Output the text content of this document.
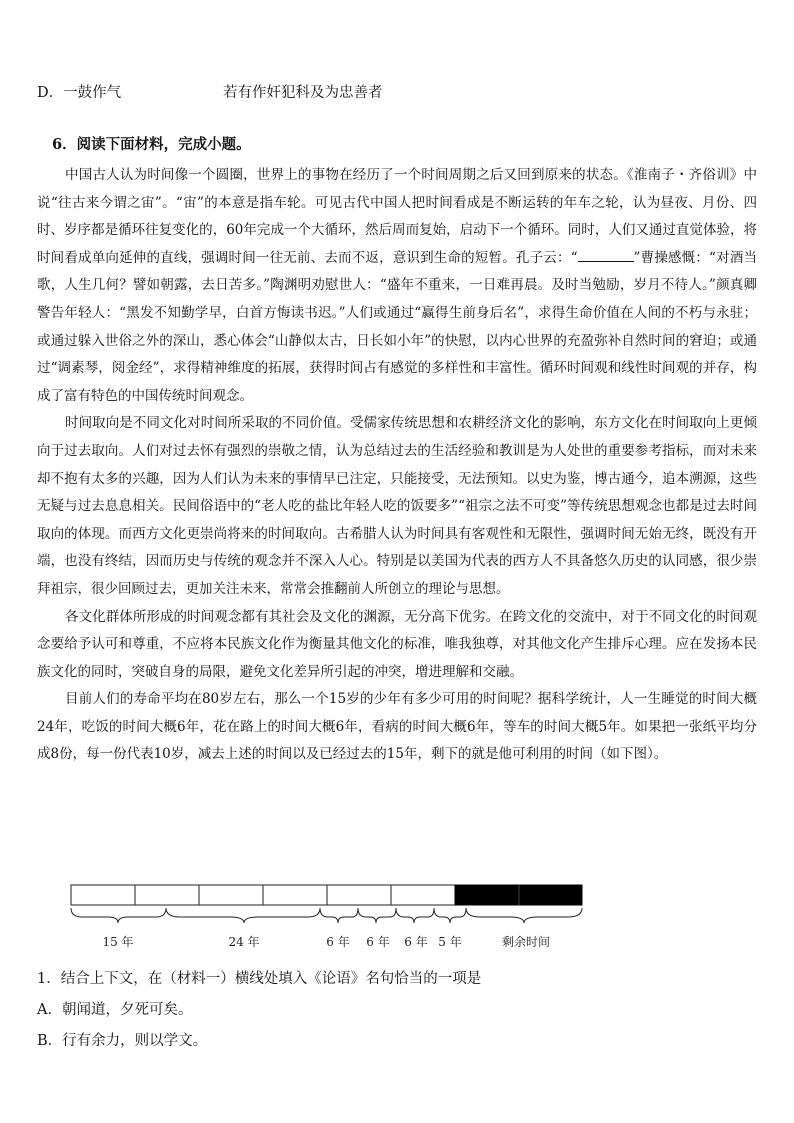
D．一鼓作气	若有作奸犯科及为忠善者
6．阅读下面材料，完成小题。

中国古人认为时间像一个圆圈，世界上的事物在经历了一个时间周期之后又回到原来的状态。《淮南子・齐俗训》中说“往古来今谓之宙”。“宙”的本意是指车轮。可见古代中国人把时间看成是不断运转的年车之轮，认为昼夜、月份、四时、岁序都是循环往复变化的，60年完成一个大循环，然后周而复始，启动下一个循环。同时，人们又通过直觉体验，将时间看成单向延伸的直线，强调时间一往无前、去而不返，意识到生命的短暂。孔子云：“	”曹操感慨：“对酒当歌，人生几何？譬如朝露，去日苦多。”陶渊明劝慰世人：“盛年不重来，一日难再晨。及时当勉励，岁月不待人。”颜真卿警告年轻人：“黑发不知勤学早，白首方悔读书迟。”人们或通过“赢得生前身后名”，求得生命价值在人间的不朽与永驻；或通过躲入世俗之外的深山，悉心体会“山静似太古，日长如小年”的快慰，以内心世界的充盈弥补自然时间的窘迫；或通过“调素琴，阅金经”，求得精神维度的拓展，获得时间占有感觉的多样性和丰富性。循环时间观和线性时间观的并存，构成了富有特色的中国传统时间观念。

时间取向是不同文化对时间所采取的不同价值。受儒家传统思想和农耕经济文化的影响，东方文化在时间取向上更倾向于过去取向。人们对过去怀有强烈的崇敬之情，认为总结过去的生活经验和教训是为人处世的重要参考指标，而对未来却不抱有太多的兴趣，因为人们认为未来的事情早已注定，只能接受，无法预知。以史为鉴，博古通今，追本溯源，这些无疑与过去息息相关。民间俗语中的“老人吃的盐比年轻人吃的饭要多”“祖宗之法不可变”等传统思想观念也都是过去时间取向的体现。而西方文化更崇尚将来的时间取向。古希腊人认为时间具有客观性和无限性，强调时间无始无终，既没有开端，也没有终结，因而历史与传统的观念并不深入人心。特别是以美国为代表的西方人不具备悠久历史的认同感，很少崇拜祖宗，很少回顾过去，更加关注未来，常常会推翻前人所创立的理论与思想。

各文化群体所形成的时间观念都有其社会及文化的渊源，无分高下优劣。在跨文化的交流中，对于不同文化的时间观念要给予认可和尊重，不应将本民族文化作为衡量其他文化的标准，唯我独尊，对其他文化产生排斥心理。应在发扬本民族文化的同时，突破自身的局限，避免文化差异所引起的冲突，增进理解和交融。

目前人们的寿命平均在80岁左右，那么一个15岁的少年有多少可用的时间呢？据科学统计，人一生睡觉的时间大概24年，吃饭的时间大概6年，花在路上的时间大概6年，看病的时间大概6年，等车的时间大概5年。如果把一张纸平均分成8份，每一份代表10岁，减去上述的时间以及已经过去的15年，剩下的就是他可利用的时间（如下图）。

15 年	24 年	6 年 6 年 6 年 5 年	剩余时间
1．结合上下文，在（材料一）横线处填入《论语》名句恰当的一项是
A．朝闻道，夕死可矣。
B．行有余力，则以学文。
